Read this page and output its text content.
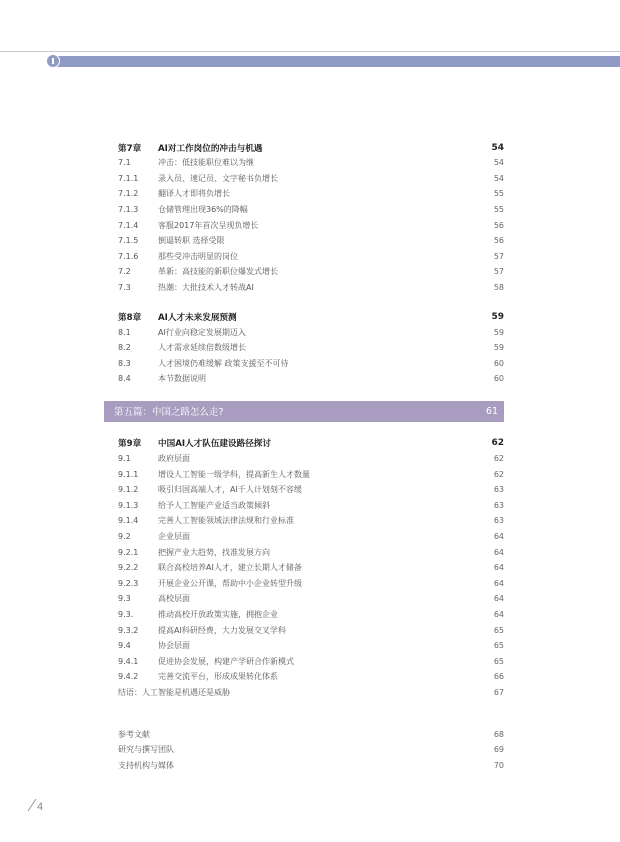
第7章	AI对工作岗位的冲击与机遇	54
7.1	冲击：低技能职位难以为继	54
7.1.1	录入员、速记员、文字秘书负增长	54
7.1.2	翻译人才即将负增长	55
7.1.3	仓储管理出现36%的降幅	55
7.1.4	客服2017年首次呈现负增长	56
7.1.5	倒逼转职 选择受限	56
7.1.6	那些受冲击明显的岗位	57
7.2	革新：高技能的新职位爆发式增长	57
7.3	热潮：大批技术人才转战AI	58
第8章	AI人才未来发展预测	59
8.1	AI行业向稳定发展期迈入	59
8.2	人才需求延续倍数级增长	59
8.3	人才困境仍难缓解 政策支援至不可待	60
8.4	本节数据说明	60
第五篇：中国之路怎么走?	61
第9章	中国AI人才队伍建设路径探讨	62
9.1	政府层面	62
9.1.1	增设人工智能一级学科，提高新生人才数量	62
9.1.2	吸引归国高端人才，AI千人计划刻不容缓	63
9.1.3	给予人工智能产业适当政策倾斜	63
9.1.4	完善人工智能领域法律法规和行业标准	63
9.2	企业层面	64
9.2.1	把握产业大趋势，找准发展方向	64
9.2.2	联合高校培养AI人才，建立长期人才储备	64
9.2.3	开展企业公开课，帮助中小企业转型升级	64
9.3	高校层面	64
9.3.	推动高校开放政策实施，拥抱企业	64
9.3.2	提高AI科研经费，大力发展交叉学科	65
9.4	协会层面	65
9.4.1	促进协会发展，构建产学研合作新模式	65
9.4.2	完善交流平台，形成成果转化体系	66
结语：人工智能是机遇还是威胁	67
参考文献	68
研究与撰写团队	69
支持机构与媒体	70
4
